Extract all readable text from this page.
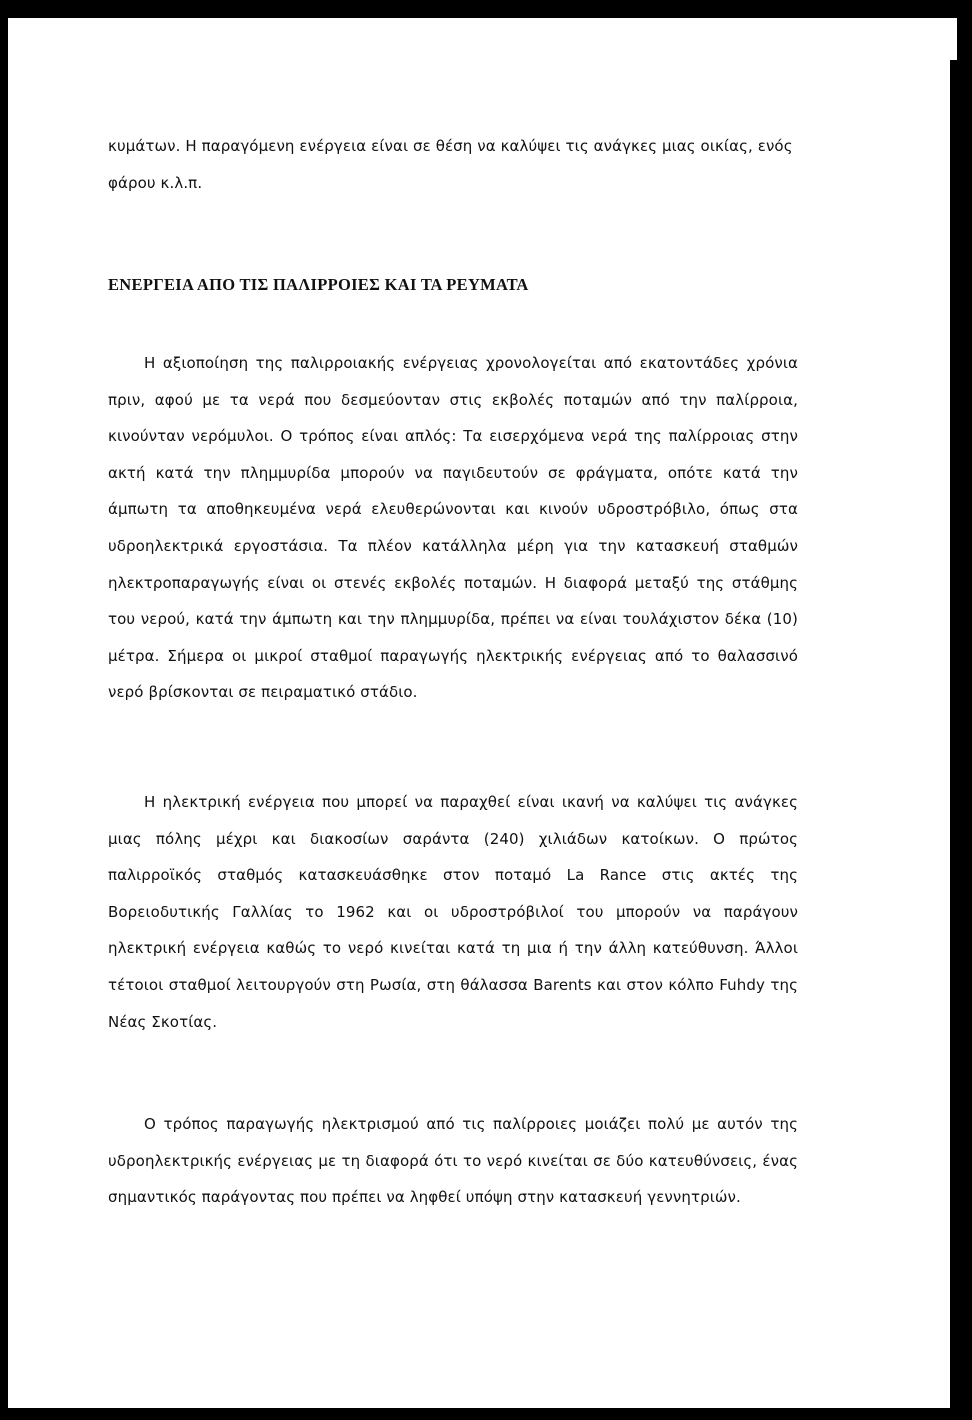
κυμάτων. Η παραγόμενη ενέργεια είναι σε θέση να καλύψει τις ανάγκες μιας οικίας, ενός φάρου κ.λ.π.

ΕΝΕΡΓΕΙΑ ΑΠΟ ΤΙΣ ΠΑΛΙΡΡΟΙΕΣ ΚΑΙ ΤΑ ΡΕΥΜΑΤΑ

Η αξιοποίηση της παλιρροιακής ενέργειας χρονολογείται από εκατοντάδες χρόνια πριν, αφού με τα νερά που δεσμεύονταν στις εκβολές ποταμών από την παλίρροια, κινούνταν νερόμυλοι. Ο τρόπος είναι απλός: Τα εισερχόμενα νερά της παλίρροιας στην ακτή κατά την πλημμυρίδα μπορούν να παγιδευτούν σε φράγματα, οπότε κατά την άμπωτη τα αποθηκευμένα νερά ελευθερώνονται και κινούν υδροστρόβιλο, όπως στα υδροηλεκτρικά εργοστάσια. Τα πλέον κατάλληλα μέρη για την κατασκευή σταθμών ηλεκτροπαραγωγής είναι οι στενές εκβολές ποταμών. Η διαφορά μεταξύ της στάθμης του νερού, κατά την άμπωτη και την πλημμυρίδα, πρέπει να είναι τουλάχιστον δέκα (10) μέτρα. Σήμερα οι μικροί σταθμοί παραγωγής ηλεκτρικής ενέργειας από το θαλασσινό νερό βρίσκονται σε πειραματικό στάδιο.

Η ηλεκτρική ενέργεια που μπορεί να παραχθεί είναι ικανή να καλύψει τις ανάγκες μιας πόλης μέχρι και διακοσίων σαράντα (240) χιλιάδων κατοίκων. Ο πρώτος παλιρροϊκός σταθμός κατασκευάσθηκε στον ποταμό La Rance στις ακτές της Βορειοδυτικής Γαλλίας το 1962 και οι υδροστρόβιλοί του μπορούν να παράγουν ηλεκτρική ενέργεια καθώς το νερό κινείται κατά τη μια ή την άλλη κατεύθυνση. Άλλοι τέτοιοι σταθμοί λειτουργούν στη Ρωσία, στη θάλασσα Barents και στον κόλπο Fuhdy της Νέας Σκοτίας.

Ο τρόπος παραγωγής ηλεκτρισμού από τις παλίρροιες μοιάζει πολύ με αυτόν της υδροηλεκτρικής ενέργειας με τη διαφορά ότι το νερό κινείται σε δύο κατευθύνσεις, ένας σημαντικός παράγοντας που πρέπει να ληφθεί υπόψη στην κατασκευή γεννητριών.
